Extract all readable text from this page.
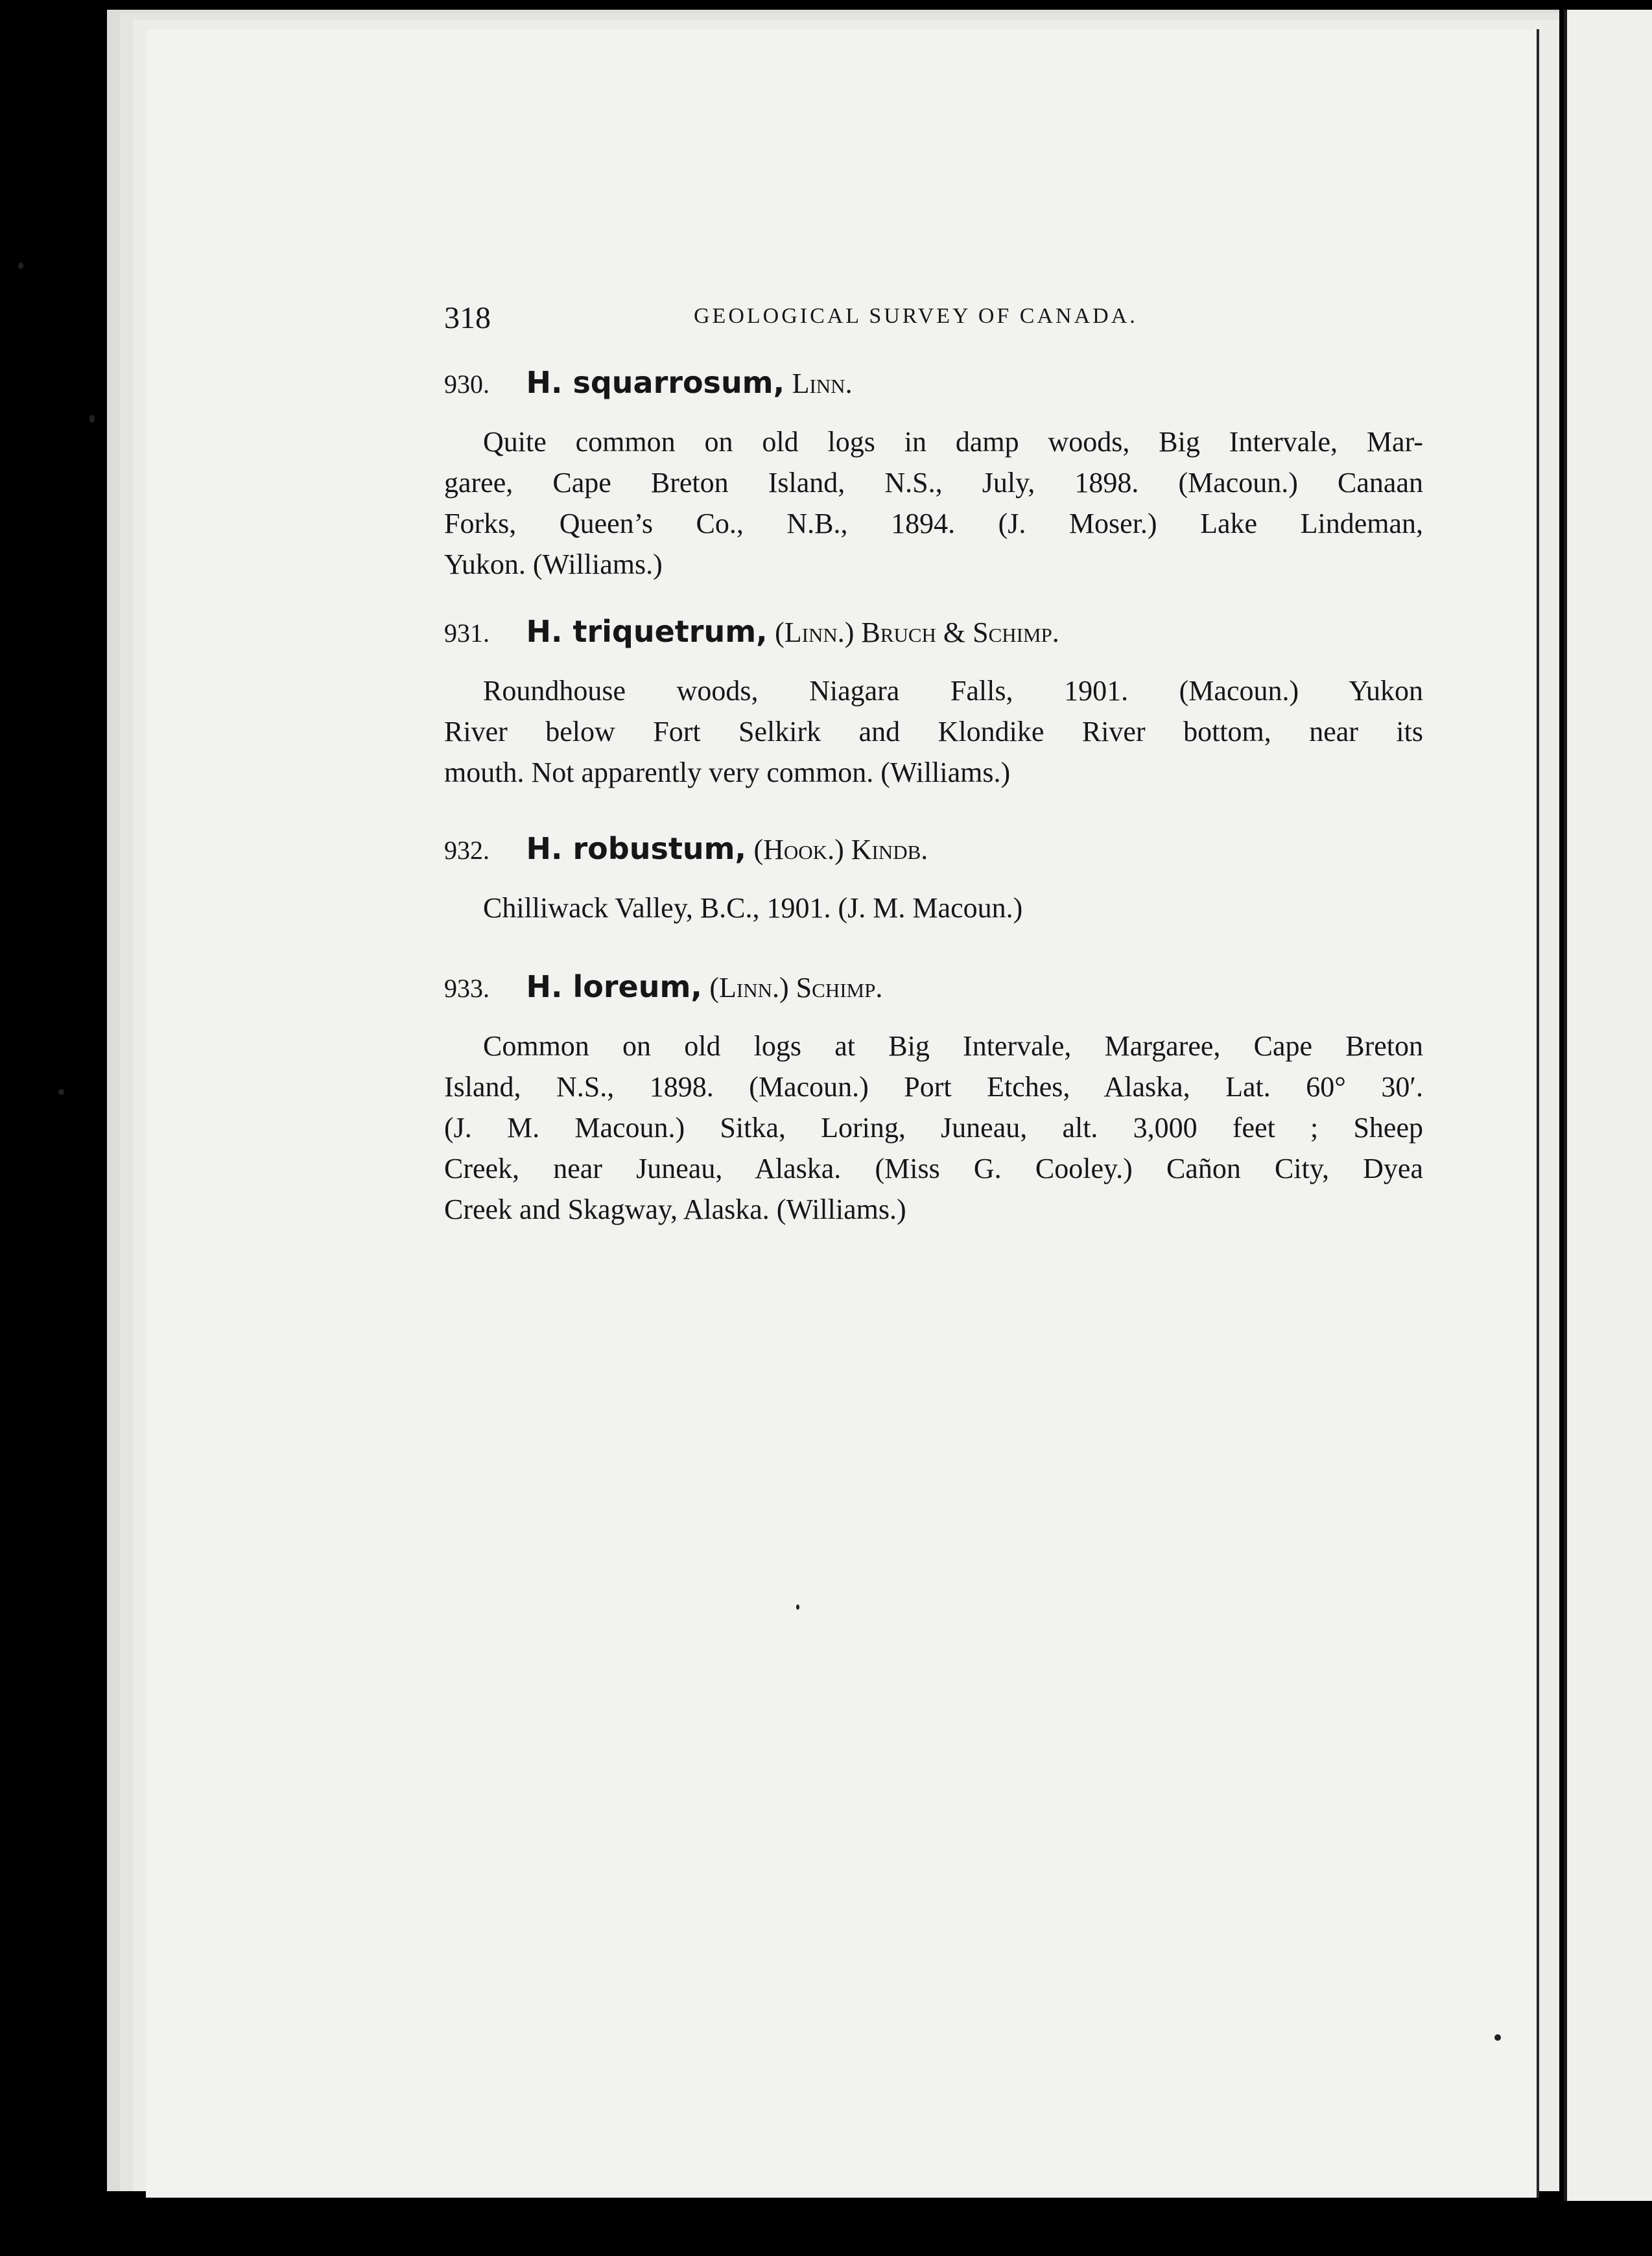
318	GEOLOGICAL SURVEY OF CANADA.
930. H. squarrosum, Linn.
Quite common on old logs in damp woods, Big Intervale, Mar-
garee, Cape Breton Island, N.S., July, 1898. (Macoun.) Canaan
Forks, Queen’s Co., N.B., 1894. (J. Moser.) Lake Lindeman,
Yukon. (Williams.)
931. H. triquetrum, (Linn.) Bruch & Schimp.
Roundhouse woods, Niagara Falls, 1901. (Macoun.) Yukon
River below Fort Selkirk and Klondike River bottom, near its
mouth. Not apparently very common. (Williams.)
932. H. robustum, (Hook.) Kindb.
Chilliwack Valley, B.C., 1901. (J. M. Macoun.)
933. H. loreum, (Linn.) Schimp.
Common on old logs at Big Intervale, Margaree, Cape Breton
Island, N.S., 1898. (Macoun.) Port Etches, Alaska, Lat. 60° 30′.
(J. M. Macoun.) Sitka, Loring, Juneau, alt. 3,000 feet ; Sheep
Creek, near Juneau, Alaska. (Miss G. Cooley.) Cañon City, Dyea
Creek and Skagway, Alaska. (Williams.)
